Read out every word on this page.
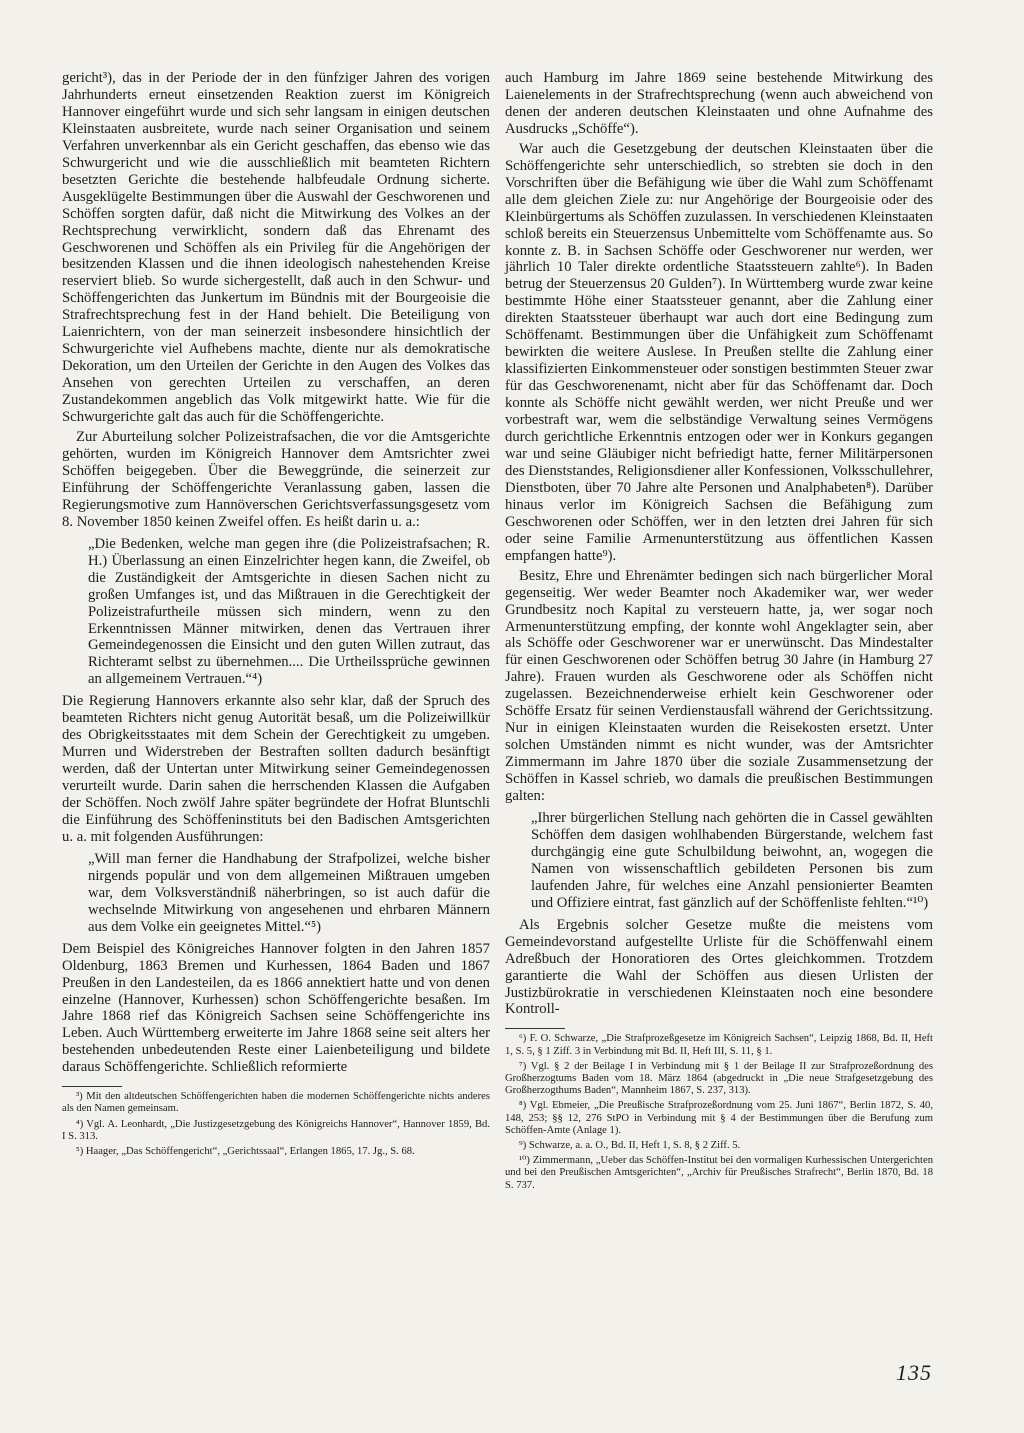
gericht³), das in der Periode der in den fünfziger Jahren des vorigen Jahrhunderts erneut einsetzenden Reaktion zuerst im Königreich Hannover eingeführt wurde und sich sehr langsam in einigen deutschen Kleinstaaten ausbreitete, wurde nach seiner Organisation und seinem Verfahren unverkennbar als ein Gericht geschaffen, das ebenso wie das Schwurgericht und wie die ausschließlich mit beamteten Richtern besetzten Gerichte die bestehende halbfeudale Ordnung sicherte. Ausgeklügelte Bestimmungen über die Auswahl der Geschworenen und Schöffen sorgten dafür, daß nicht die Mitwirkung des Volkes an der Rechtsprechung verwirklicht, sondern daß das Ehrenamt des Geschworenen und Schöffen als ein Privileg für die Angehörigen der besitzenden Klassen und die ihnen ideologisch nahestehenden Kreise reserviert blieb. So wurde sichergestellt, daß auch in den Schwur- und Schöffengerichten das Junkertum im Bündnis mit der Bourgeoisie die Strafrechtsprechung fest in der Hand behielt. Die Beteiligung von Laienrichtern, von der man seinerzeit insbesondere hinsichtlich der Schwurgerichte viel Aufhebens machte, diente nur als demokratische Dekoration, um den Urteilen der Gerichte in den Augen des Volkes das Ansehen von gerechten Urteilen zu verschaffen, an deren Zustandekommen angeblich das Volk mitgewirkt hatte. Wie für die Schwurgerichte galt das auch für die Schöffengerichte.

Zur Aburteilung solcher Polizeistrafsachen, die vor die Amtsgerichte gehörten, wurden im Königreich Hannover dem Amtsrichter zwei Schöffen beigegeben. Über die Beweggründe, die seinerzeit zur Einführung der Schöffengerichte Veranlassung gaben, lassen die Regierungsmotive zum Hannöverschen Gerichtsverfassungsgesetz vom 8. November 1850 keinen Zweifel offen. Es heißt darin u. a.:

„Die Bedenken, welche man gegen ihre (die Polizeistrafsachen; R. H.) Überlassung an einen Einzelrichter hegen kann, die Zweifel, ob die Zuständigkeit der Amtsgerichte in diesen Sachen nicht zu großen Umfanges ist, und das Mißtrauen in die Gerechtigkeit der Polizeistrafurtheile müssen sich mindern, wenn zu den Erkenntnissen Männer mitwirken, denen das Vertrauen ihrer Gemeindegenossen die Einsicht und den guten Willen zutraut, das Richteramt selbst zu übernehmen.... Die Urtheilssprüche gewinnen an allgemeinem Vertrauen.“⁴)

Die Regierung Hannovers erkannte also sehr klar, daß der Spruch des beamteten Richters nicht genug Autorität besaß, um die Polizeiwillkür des Obrigkeitsstaates mit dem Schein der Gerechtigkeit zu umgeben. Murren und Widerstreben der Bestraften sollten dadurch besänftigt werden, daß der Untertan unter Mitwirkung seiner Gemeindegenossen verurteilt wurde. Darin sahen die herrschenden Klassen die Aufgaben der Schöffen. Noch zwölf Jahre später begründete der Hofrat Bluntschli die Einführung des Schöffeninstituts bei den Badischen Amtsgerichten u. a. mit folgenden Ausführungen:

„Will man ferner die Handhabung der Strafpolizei, welche bisher nirgends populär und von dem allgemeinen Mißtrauen umgeben war, dem Volksverständniß näherbringen, so ist auch dafür die wechselnde Mitwirkung von angesehenen und ehrbaren Männern aus dem Volke ein geeignetes Mittel.“⁵)

Dem Beispiel des Königreiches Hannover folgten in den Jahren 1857 Oldenburg, 1863 Bremen und Kurhessen, 1864 Baden und 1867 Preußen in den Landesteilen, da es 1866 annektiert hatte und von denen einzelne (Hannover, Kurhessen) schon Schöffengerichte besaßen. Im Jahre 1868 rief das Königreich Sachsen seine Schöffengerichte ins Leben. Auch Württemberg erweiterte im Jahre 1868 seine seit alters her bestehenden unbedeutenden Reste einer Laienbeteiligung und bildete daraus Schöffengerichte. Schließlich reformierte

³) Mit den altdeutschen Schöffengerichten haben die modernen Schöffengerichte nichts anderes als den Namen gemeinsam.

⁴) Vgl. A. Leonhardt, „Die Justizgesetzgebung des Königreichs Hannover“, Hannover 1859, Bd. I S. 313.

⁵) Haager, „Das Schöffengericht“, „Gerichtssaal“, Erlangen 1865, 17. Jg., S. 68.

auch Hamburg im Jahre 1869 seine bestehende Mitwirkung des Laienelements in der Strafrechtsprechung (wenn auch abweichend von denen der anderen deutschen Kleinstaaten und ohne Aufnahme des Ausdrucks „Schöffe“).

War auch die Gesetzgebung der deutschen Kleinstaaten über die Schöffengerichte sehr unterschiedlich, so strebten sie doch in den Vorschriften über die Befähigung wie über die Wahl zum Schöffenamt alle dem gleichen Ziele zu: nur Angehörige der Bourgeoisie oder des Kleinbürgertums als Schöffen zuzulassen. In verschiedenen Kleinstaaten schloß bereits ein Steuerzensus Unbemittelte vom Schöffenamte aus. So konnte z. B. in Sachsen Schöffe oder Geschworener nur werden, wer jährlich 10 Taler direkte ordentliche Staatssteuern zahlte⁶). In Baden betrug der Steuerzensus 20 Gulden⁷). In Württemberg wurde zwar keine bestimmte Höhe einer Staatssteuer genannt, aber die Zahlung einer direkten Staatssteuer überhaupt war auch dort eine Bedingung zum Schöffenamt. Bestimmungen über die Unfähigkeit zum Schöffenamt bewirkten die weitere Auslese. In Preußen stellte die Zahlung einer klassifizierten Einkommensteuer oder sonstigen bestimmten Steuer zwar für das Geschworenenamt, nicht aber für das Schöffenamt dar. Doch konnte als Schöffe nicht gewählt werden, wer nicht Preuße und wer vorbestraft war, wem die selbständige Verwaltung seines Vermögens durch gerichtliche Erkenntnis entzogen oder wer in Konkurs gegangen war und seine Gläubiger nicht befriedigt hatte, ferner Militärpersonen des Dienststandes, Religionsdiener aller Konfessionen, Volksschullehrer, Dienstboten, über 70 Jahre alte Personen und Analphabeten⁸). Darüber hinaus verlor im Königreich Sachsen die Befähigung zum Geschworenen oder Schöffen, wer in den letzten drei Jahren für sich oder seine Familie Armenunterstützung aus öffentlichen Kassen empfangen hatte⁹).

Besitz, Ehre und Ehrenämter bedingen sich nach bürgerlicher Moral gegenseitig. Wer weder Beamter noch Akademiker war, wer weder Grundbesitz noch Kapital zu versteuern hatte, ja, wer sogar noch Armenunterstützung empfing, der konnte wohl Angeklagter sein, aber als Schöffe oder Geschworener war er unerwünscht. Das Mindestalter für einen Geschworenen oder Schöffen betrug 30 Jahre (in Hamburg 27 Jahre). Frauen wurden als Geschworene oder als Schöffen nicht zugelassen. Bezeichnenderweise erhielt kein Geschworener oder Schöffe Ersatz für seinen Verdienstausfall während der Gerichtssitzung. Nur in einigen Kleinstaaten wurden die Reisekosten ersetzt. Unter solchen Umständen nimmt es nicht wunder, was der Amtsrichter Zimmermann im Jahre 1870 über die soziale Zusammensetzung der Schöffen in Kassel schrieb, wo damals die preußischen Bestimmungen galten:

„Ihrer bürgerlichen Stellung nach gehörten die in Cassel gewählten Schöffen dem dasigen wohlhabenden Bürgerstande, welchem fast durchgängig eine gute Schulbildung beiwohnt, an, wogegen die Namen von wissenschaftlich gebildeten Personen bis zum laufenden Jahre, für welches eine Anzahl pensionierter Beamten und Offiziere eintrat, fast gänzlich auf der Schöffenliste fehlten.“¹⁰)

Als Ergebnis solcher Gesetze mußte die meistens vom Gemeindevorstand aufgestellte Urliste für die Schöffenwahl einem Adreßbuch der Honoratioren des Ortes gleichkommen. Trotzdem garantierte die Wahl der Schöffen aus diesen Urlisten der Justizbürokratie in verschiedenen Kleinstaaten noch eine besondere Kontroll-

⁶) F. O. Schwarze, „Die Strafprozeßgesetze im Königreich Sachsen“, Leipzig 1868, Bd. II, Heft 1, S. 5, § 1 Ziff. 3 in Verbindung mit Bd. II, Heft III, S. 11, § 1.

⁷) Vgl. § 2 der Beilage I in Verbindung mit § 1 der Beilage II zur Strafprozeßordnung des Großherzogtums Baden vom 18. März 1864 (abgedruckt in „Die neue Strafgesetzgebung des Großherzogthums Baden“, Mannheim 1867, S. 237, 313).

⁸) Vgl. Ebmeier, „Die Preußische Strafprozeßordnung vom 25. Juni 1867“, Berlin 1872, S. 40, 148, 253; §§ 12, 276 StPO in Verbindung mit § 4 der Bestimmungen über die Berufung zum Schöffen-Amte (Anlage 1).

⁹) Schwarze, a. a. O., Bd. II, Heft 1, S. 8, § 2 Ziff. 5.

¹⁰) Zimmermann, „Ueber das Schöffen-Institut bei den vormaligen Kurhessischen Untergerichten und bei den Preußischen Amtsgerichten“, „Archiv für Preußisches Strafrecht“, Berlin 1870, Bd. 18 S. 737.

135
